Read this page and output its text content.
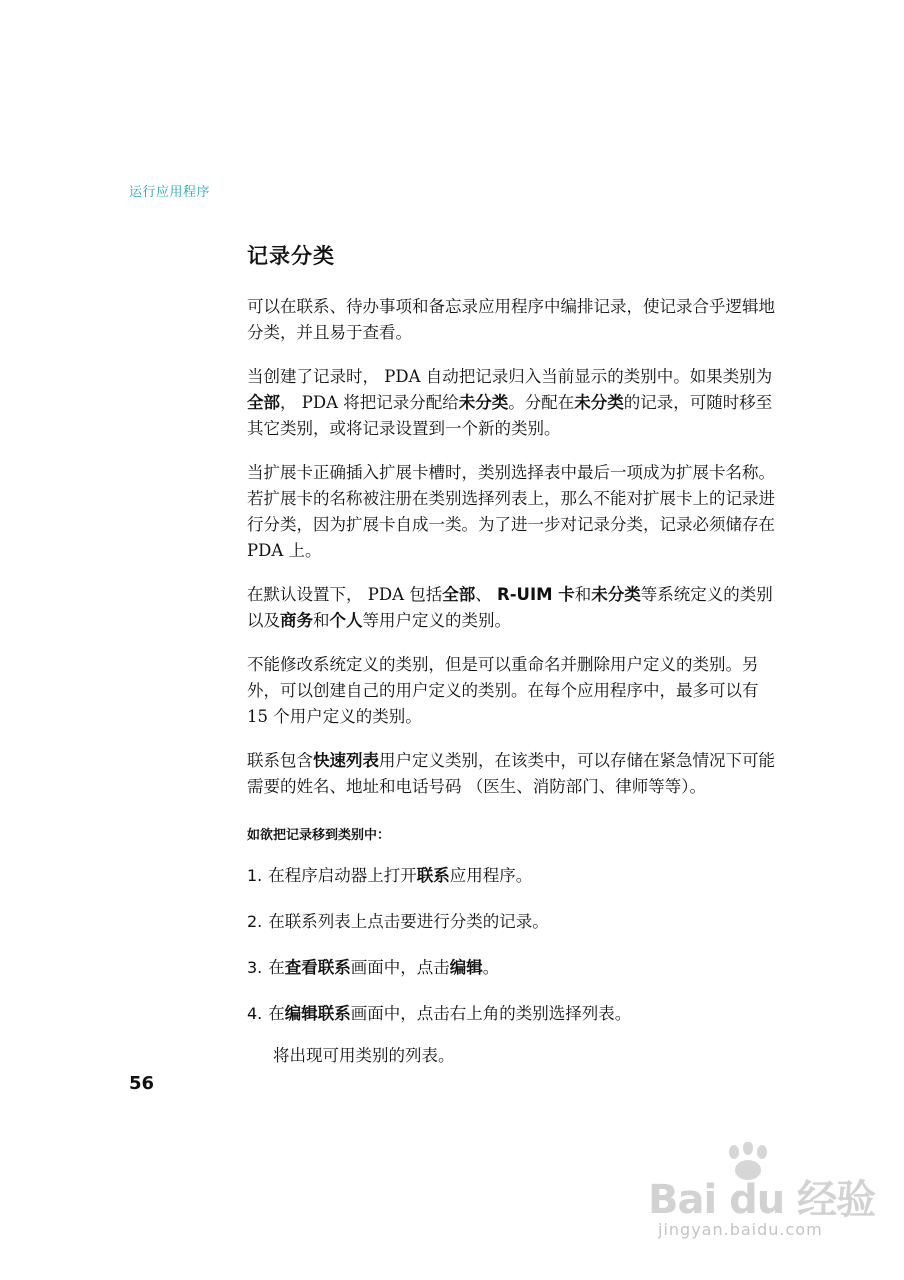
运行应用程序
记录分类

可以在联系、待办事项和备忘录应用程序中编排记录，使记录合乎逻辑地分类，并且易于查看。

当创建了记录时， PDA 自动把记录归入当前显示的类别中。如果类别为全部， PDA 将把记录分配给未分类。分配在未分类的记录，可随时移至其它类别，或将记录设置到一个新的类别。

当扩展卡正确插入扩展卡槽时，类别选择表中最后一项成为扩展卡名称。若扩展卡的名称被注册在类别选择列表上，那么不能对扩展卡上的记录进行分类，因为扩展卡自成一类。为了进一步对记录分类，记录必须储存在 PDA 上。

在默认设置下， PDA 包括全部、 R-UIM 卡和未分类等系统定义的类别以及商务和个人等用户定义的类别。

不能修改系统定义的类别，但是可以重命名并删除用户定义的类别。另外，可以创建自己的用户定义的类别。在每个应用程序中，最多可以有 15 个用户定义的类别。

联系包含快速列表用户定义类别，在该类中，可以存储在紧急情况下可能需要的姓名、地址和电话号码 （医生、消防部门、律师等等）。

如欲把记录移到类别中：
1. 在程序启动器上打开联系应用程序。
2. 在联系列表上点击要进行分类的记录。
3. 在查看联系画面中，点击编辑。
4. 在编辑联系画面中，点击右上角的类别选择列表。
将出现可用类别的列表。
56
Bai du 经验
jingyan.baidu.com
